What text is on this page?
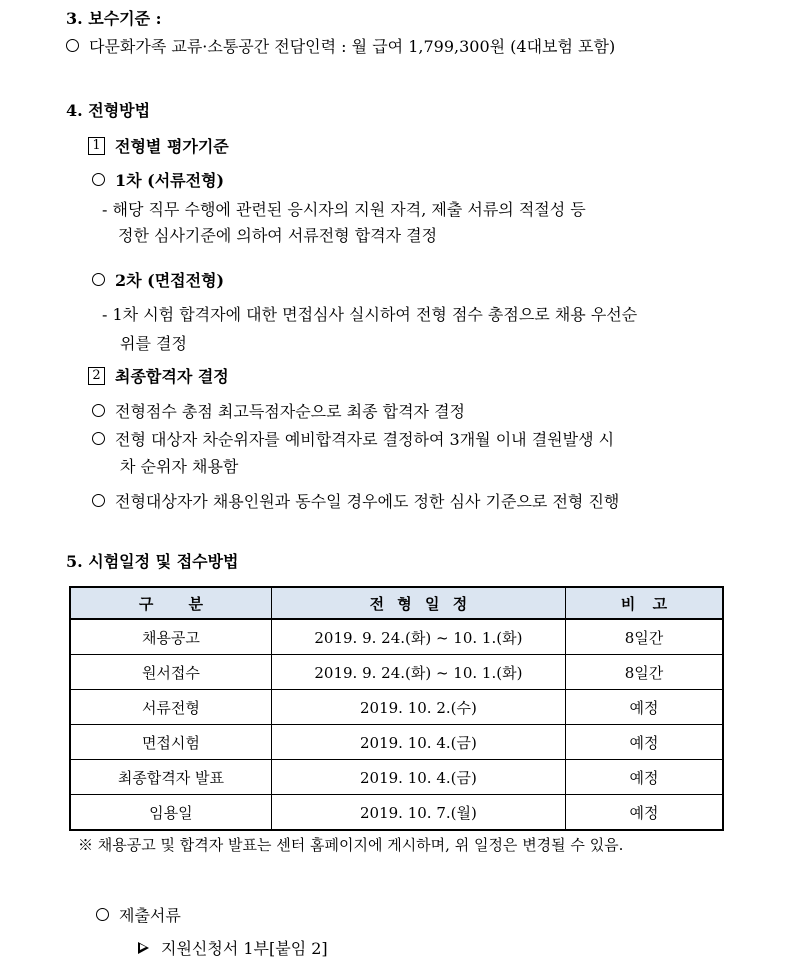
3. 보수기준 :
다문화가족 교류·소통공간 전담인력 : 월 급여 1,799,300원 (4대보험 포함)
4. 전형방법
1 전형별 평가기준
1차 (서류전형)
- 해당 직무 수행에 관련된 응시자의 지원 자격, 제출 서류의 적절성 등
정한 심사기준에 의하여 서류전형 합격자 결정
2차 (면접전형)
- 1차 시험 합격자에 대한 면접심사 실시하여 전형 점수 총점으로 채용 우선순
위를 결정
2 최종합격자 결정
전형점수 총점 최고득점자순으로 최종 합격자 결정
전형 대상자 차순위자를 예비합격자로 결정하여 3개월 이내 결원발생 시
차 순위자 채용함
전형대상자가 채용인원과 동수일 경우에도 정한 심사 기준으로 전형 진행
5. 시험일정 및 접수방법
구 분	전 형 일 정	비 고
채용공고	2019. 9. 24.(화) ~ 10. 1.(화)	8일간
원서접수	2019. 9. 24.(화) ~ 10. 1.(화)	8일간
서류전형	2019. 10. 2.(수)	예정
면접시험	2019. 10. 4.(금)	예정
최종합격자 발표	2019. 10. 4.(금)	예정
임용일	2019. 10. 7.(월)	예정
※ 채용공고 및 합격자 발표는 센터 홈페이지에 게시하며, 위 일정은 변경될 수 있음.
제출서류
지원신청서 1부[붙임 2]
